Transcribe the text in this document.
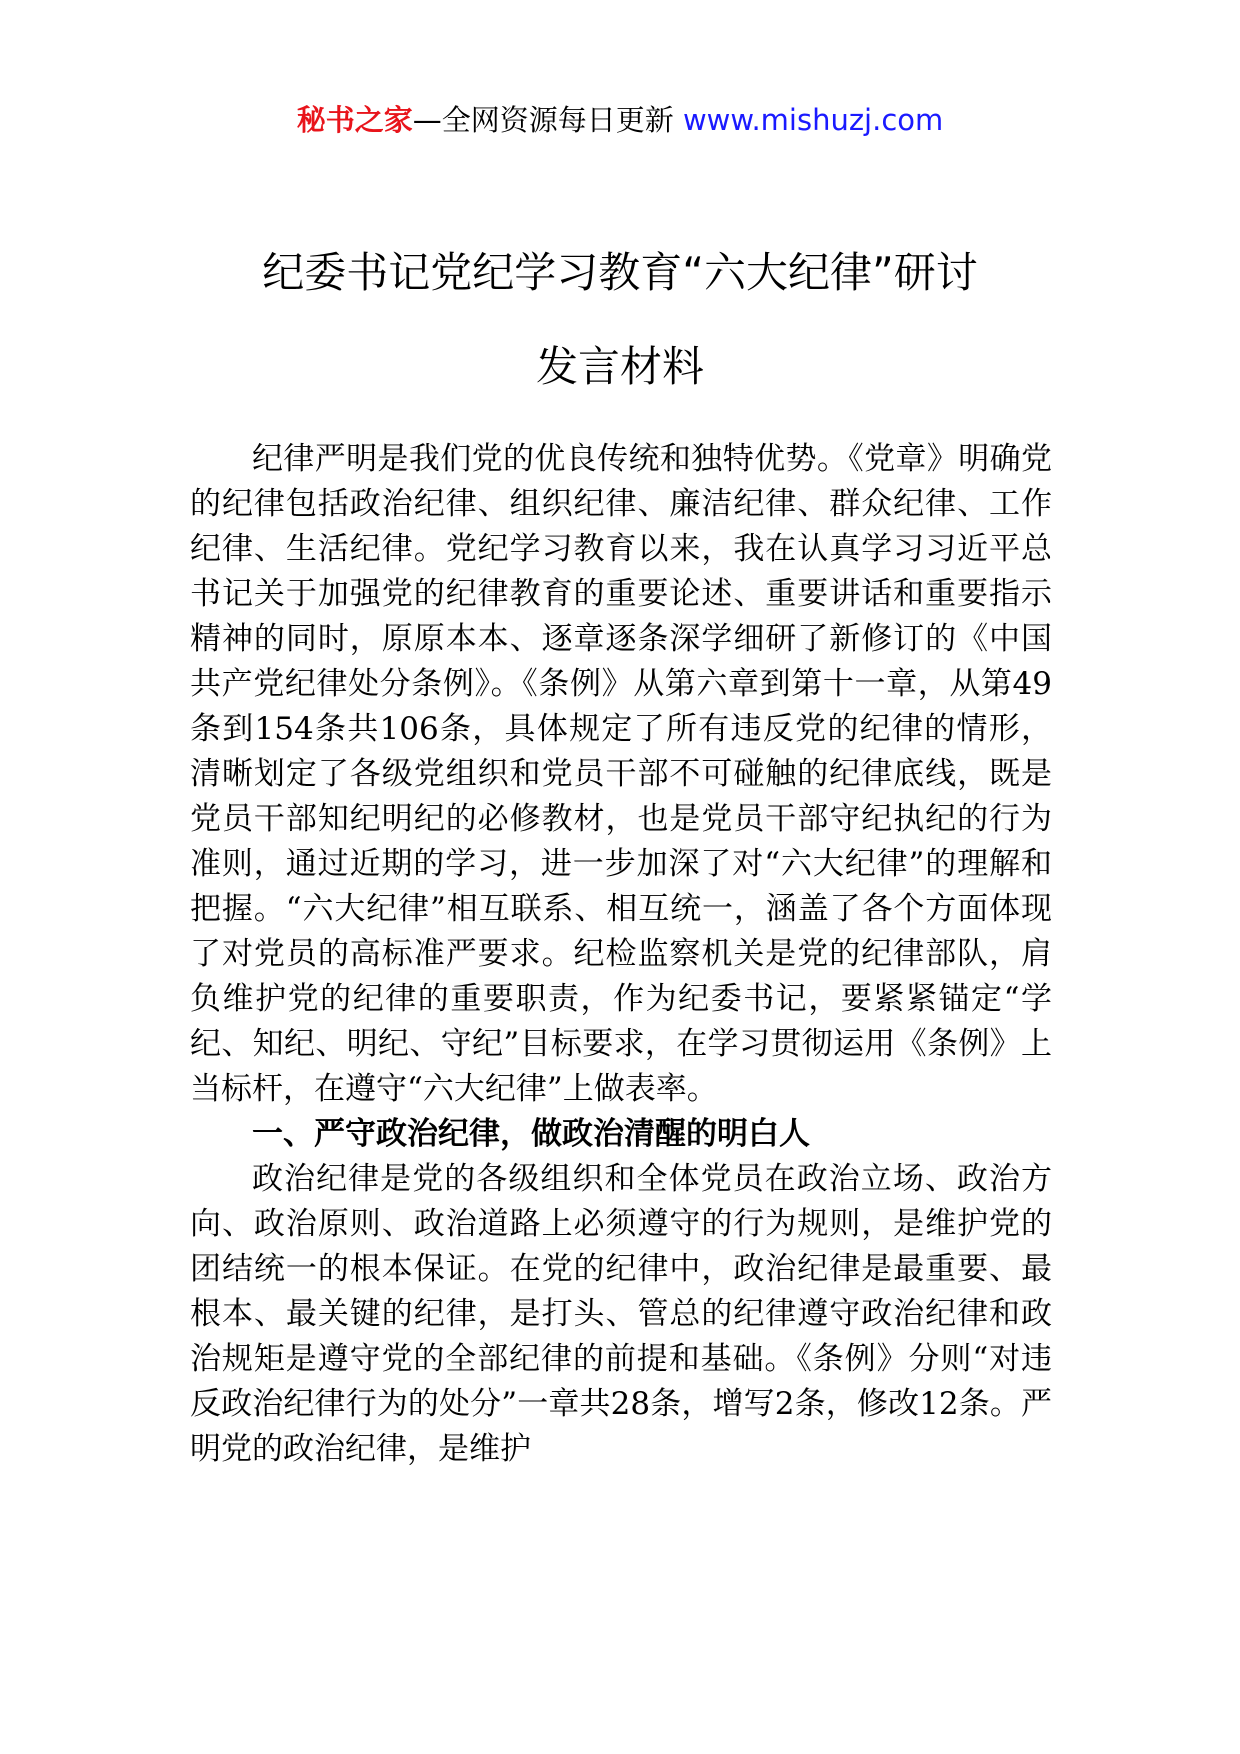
秘书之家—全网资源每日更新 www.mishuzj.com
纪委书记党纪学习教育“六大纪律”研讨
发言材料

纪律严明是我们党的优良传统和独特优势。《党章》明确党的纪律包括政治纪律、组织纪律、廉洁纪律、群众纪律、工作纪律、生活纪律。党纪学习教育以来，我在认真学习习近平总书记关于加强党的纪律教育的重要论述、重要讲话和重要指示精神的同时，原原本本、逐章逐条深学细研了新修订的《中国共产党纪律处分条例》。《条例》从第六章到第十一章，从第49条到154条共106条，具体规定了所有违反党的纪律的情形，清晰划定了各级党组织和党员干部不可碰触的纪律底线，既是党员干部知纪明纪的必修教材，也是党员干部守纪执纪的行为准则，通过近期的学习，进一步加深了对“六大纪律”的理解和把握。“六大纪律”相互联系、相互统一，涵盖了各个方面体现了对党员的高标准严要求。纪检监察机关是党的纪律部队，肩负维护党的纪律的重要职责，作为纪委书记，要紧紧锚定“学纪、知纪、明纪、守纪”目标要求，在学习贯彻运用《条例》上当标杆，在遵守“六大纪律”上做表率。

一、严守政治纪律，做政治清醒的明白人

政治纪律是党的各级组织和全体党员在政治立场、政治方向、政治原则、政治道路上必须遵守的行为规则，是维护党的团结统一的根本保证。在党的纪律中，政治纪律是最重要、最根本、最关键的纪律，是打头、管总的纪律遵守政治纪律和政治规矩是遵守党的全部纪律的前提和基础。《条例》分则“对违反政治纪律行为的处分”一章共28条，增写2条，修改12条。严明党的政治纪律，是维护
